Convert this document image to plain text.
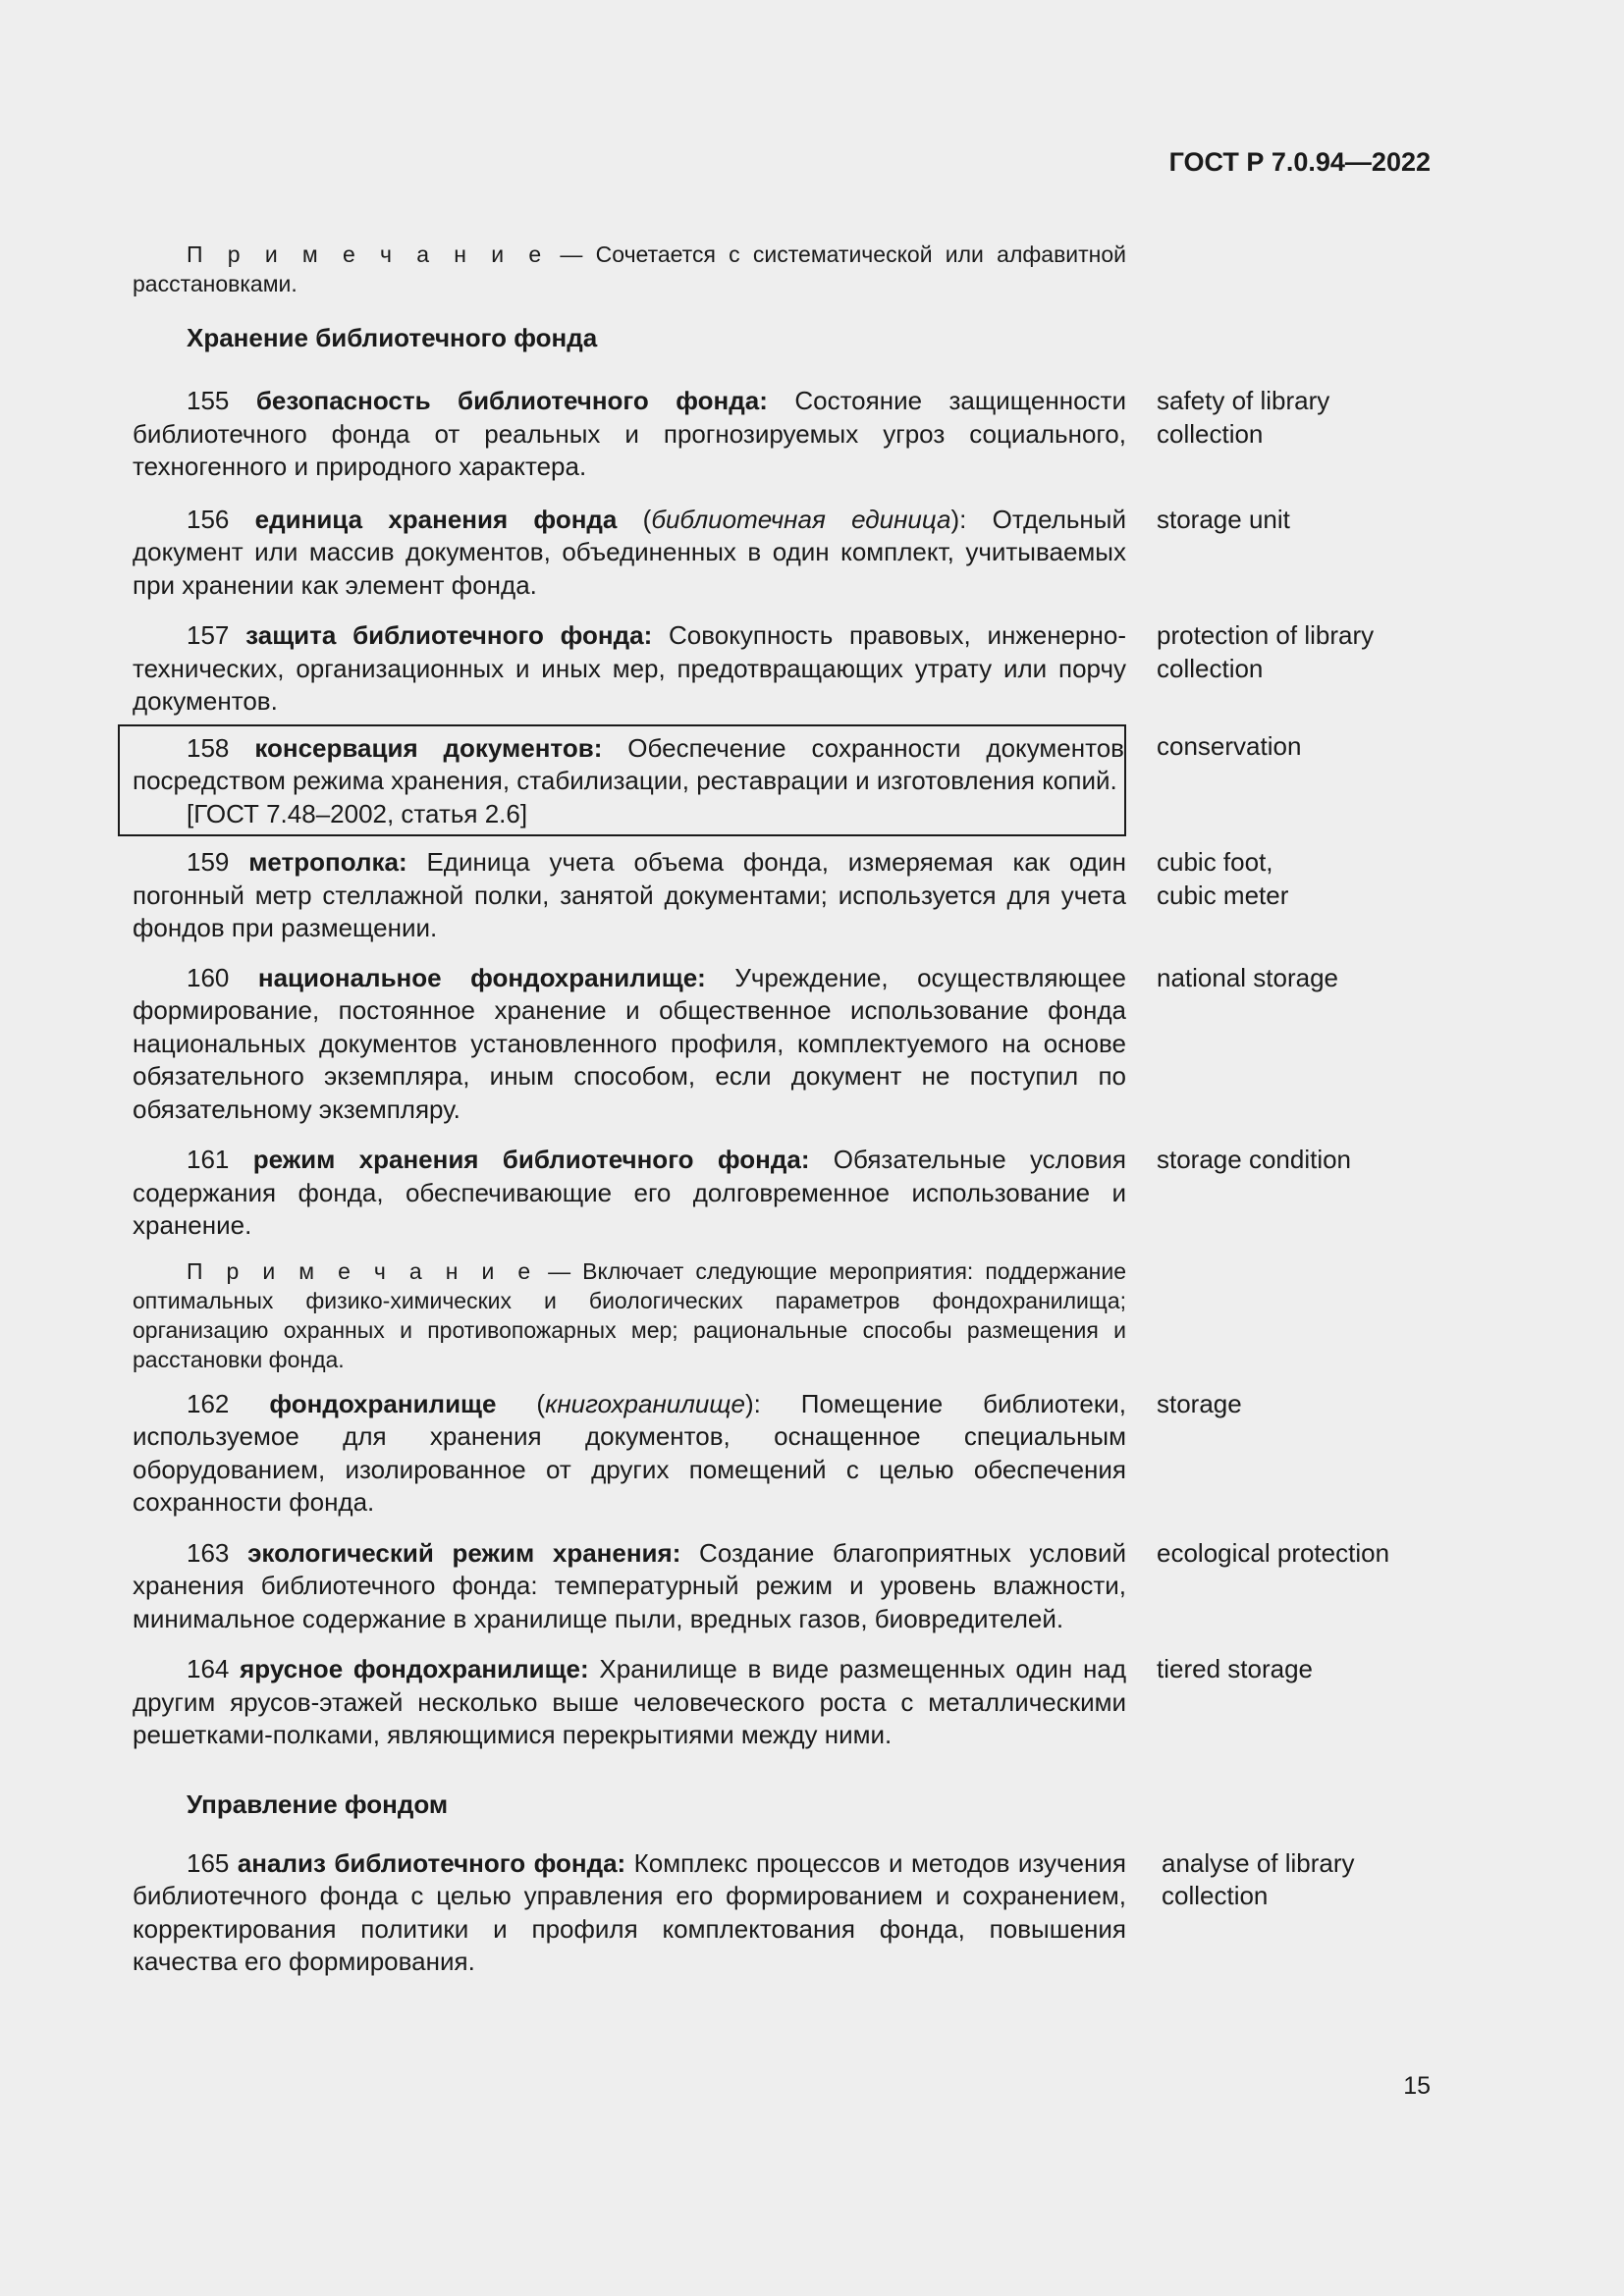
ГОСТ Р 7.0.94—2022

П р и м е ч а н и е — Сочетается с систематической или алфавитной расстановками.

Хранение библиотечного фонда

155 безопасность библиотечного фонда: Состояние защищенности библиотечного фонда от реальных и прогнозируемых угроз социального, техногенного и природного характера.

safety of library collection

156 единица хранения фонда (библиотечная единица): Отдельный документ или массив документов, объединенных в один комплект, учитываемых при хранении как элемент фонда.

storage unit

157 защита библиотечного фонда: Совокупность правовых, инженерно-технических, организационных и иных мер, предотвращающих утрату или порчу документов.

protection of library collection

158 консервация документов: Обеспечение сохранности документов посредством режима хранения, стабилизации, реставрации и изготовления копий.

[ГОСТ 7.48–2002, статья 2.6]

conservation

159 метрополка: Единица учета объема фонда, измеряемая как один погонный метр стеллажной полки, занятой документами; используется для учета фондов при размещении.

cubic foot,
cubic meter

160 национальное фондохранилище: Учреждение, осуществляющее формирование, постоянное хранение и общественное использование фонда национальных документов установленного профиля, комплектуемого на основе обязательного экземпляра, иным способом, если документ не поступил по обязательному экземпляру.

national storage

161 режим хранения библиотечного фонда: Обязательные условия содержания фонда, обеспечивающие его долговременное использование и хранение.

storage condition

П р и м е ч а н и е — Включает следующие мероприятия: поддержание оптимальных физико-химических и биологических параметров фондохранилища; организацию охранных и противопожарных мер; рациональные способы размещения и расстановки фонда.

162 фондохранилище (книгохранилище): Помещение библиотеки, используемое для хранения документов, оснащенное специальным оборудованием, изолированное от других помещений с целью обеспечения сохранности фонда.

storage

163 экологический режим хранения: Создание благоприятных условий хранения библиотечного фонда: температурный режим и уровень влажности, минимальное содержание в хранилище пыли, вредных газов, биовредителей.

ecological protection

164 ярусное фондохранилище: Хранилище в виде размещенных один над другим ярусов-этажей несколько выше человеческого роста с металлическими решетками-полками, являющимися перекрытиями между ними.

tiered storage
Управление фондом

165 анализ библиотечного фонда: Комплекс процессов и методов изучения библиотечного фонда с целью управления его формированием и сохранением, корректирования политики и профиля комплектования фонда, повышения качества его формирования.

analyse of library collection
15
